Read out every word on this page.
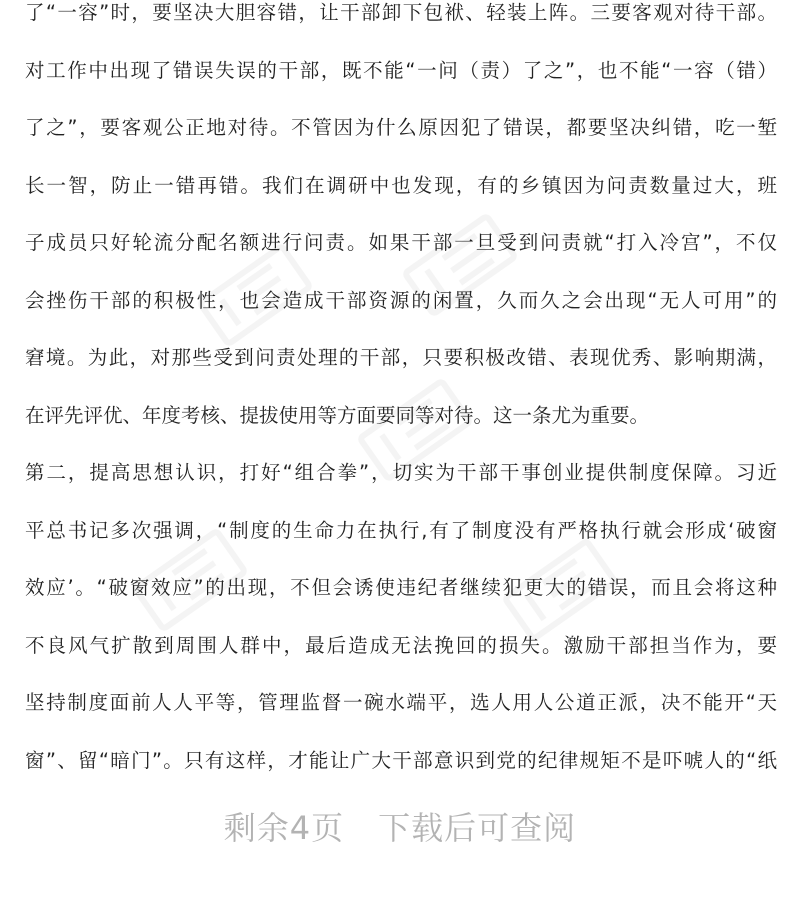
了“一容”时，要坚决大胆容错，让干部卸下包袱、轻装上阵。三要客观对待干部。
对工作中出现了错误失误的干部，既不能“一问（责）了之”，也不能“一容（错）
了之”，要客观公正地对待。不管因为什么原因犯了错误，都要坚决纠错，吃一堑
长一智，防止一错再错。我们在调研中也发现，有的乡镇因为问责数量过大，班
子成员只好轮流分配名额进行问责。如果干部一旦受到问责就“打入冷宫”，不仅
会挫伤干部的积极性，也会造成干部资源的闲置，久而久之会出现“无人可用”的
窘境。为此，对那些受到问责处理的干部，只要积极改错、表现优秀、影响期满，
在评先评优、年度考核、提拔使用等方面要同等对待。这一条尤为重要。
第二，提高思想认识，打好“组合拳”，切实为干部干事创业提供制度保障。习近
平总书记多次强调，“制度的生命力在执行,有了制度没有严格执行就会形成‘破窗
效应’。“破窗效应”的出现，不但会诱使违纪者继续犯更大的错误，而且会将这种
不良风气扩散到周围人群中，最后造成无法挽回的损失。激励干部担当作为，要
坚持制度面前人人平等，管理监督一碗水端平，选人用人公道正派，决不能开“天
窗”、留“暗门”。只有这样，才能让广大干部意识到党的纪律规矩不是吓唬人的“纸
剩余4页 下载后可查阅
